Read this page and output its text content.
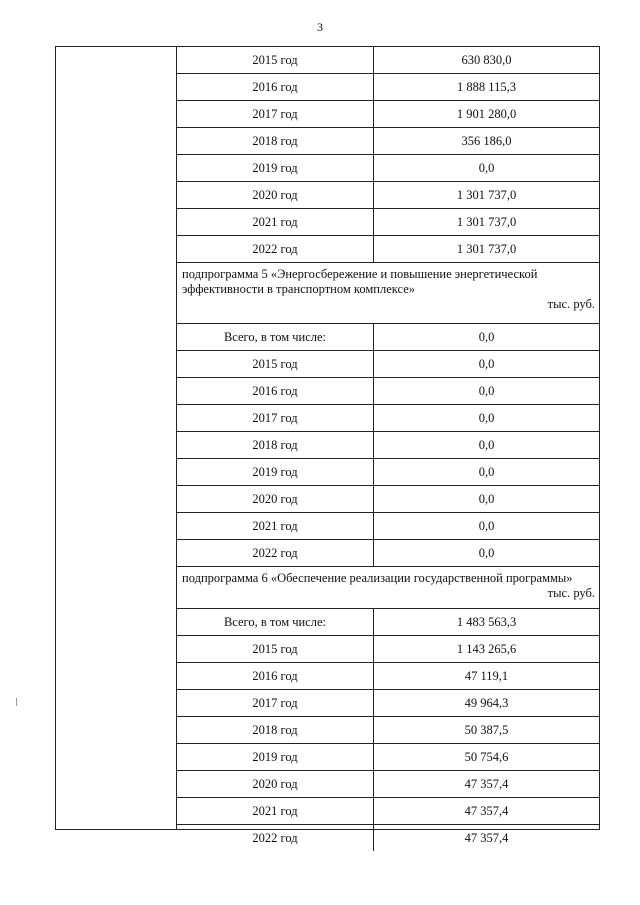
3
2015 год	630 830,0
2016 год	1 888 115,3
2017 год	1 901 280,0
2018 год	356 186,0
2019 год	0,0
2020 год	1 301 737,0
2021 год	1 301 737,0
2022 год	1 301 737,0
подпрограмма 5 «Энергосбережение и повышение энергетической эффективности в транспортном комплексе»
тыс. руб.
Всего, в том числе:	0,0
2015 год	0,0
2016 год	0,0
2017 год	0,0
2018 год	0,0
2019 год	0,0
2020 год	0,0
2021 год	0,0
2022 год	0,0
подпрограмма 6 «Обеспечение реализации государственной программы»
тыс. руб.
Всего, в том числе:	1 483 563,3
2015 год	1 143 265,6
2016 год	47 119,1
2017 год	49 964,3
2018 год	50 387,5
2019 год	50 754,6
2020 год	47 357,4
2021 год	47 357,4
2022 год	47 357,4
